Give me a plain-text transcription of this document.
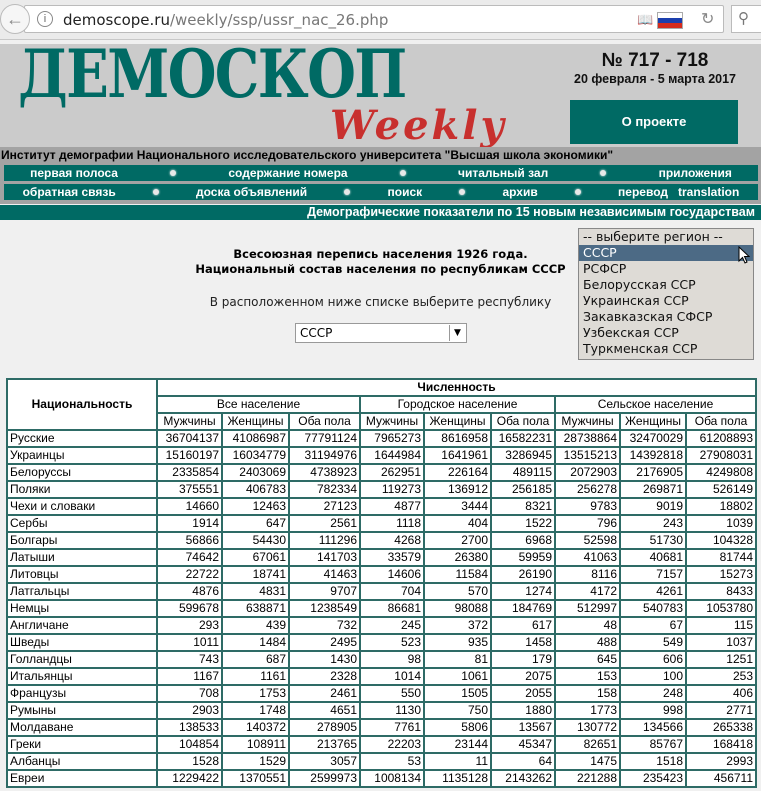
←	i	demoscope.ru/weekly/ssp/ussr_nac_26.php	📖	↻	⚲
ДЕМОСКОП
Weekly
№ 717 - 718
20 февраля - 5 марта 2017
О проекте
Институт демографии Национального исследовательского университета "Высшая школа экономики"
первая полоса	содержание номера	читальный зал	приложения
обратная связь	доска объявлений	поиск	архив	перевод   translation
Демографические показатели по 15 новым независимым государствам
Всесоюзная перепись населения 1926 года.
Национальный состав населения по республикам СССР
В расположенном ниже списке выберите республику
СССР	▼
-- выберите регион --
СССР
РСФСР
Белорусская ССР
Украинская ССР
Закавказская СФСР
Узбекская ССР
Туркменская ССР
Национальность	Численность								
	Все население			Городское население			Сельское население		
	Мужчины	Женщины	Оба пола	Мужчины	Женщины	Оба пола	Мужчины	Женщины	Оба пола
Русские	36704137	41086987	77791124	7965273	8616958	16582231	28738864	32470029	61208893
Украинцы	15160197	16034779	31194976	1644984	1641961	3286945	13515213	14392818	27908031
Белоруссы	2335854	2403069	4738923	262951	226164	489115	2072903	2176905	4249808
Поляки	375551	406783	782334	119273	136912	256185	256278	269871	526149
Чехи и словаки	14660	12463	27123	4877	3444	8321	9783	9019	18802
Сербы	1914	647	2561	1118	404	1522	796	243	1039
Болгары	56866	54430	111296	4268	2700	6968	52598	51730	104328
Латыши	74642	67061	141703	33579	26380	59959	41063	40681	81744
Литовцы	22722	18741	41463	14606	11584	26190	8116	7157	15273
Латгальцы	4876	4831	9707	704	570	1274	4172	4261	8433
Немцы	599678	638871	1238549	86681	98088	184769	512997	540783	1053780
Англичане	293	439	732	245	372	617	48	67	115
Шведы	1011	1484	2495	523	935	1458	488	549	1037
Голландцы	743	687	1430	98	81	179	645	606	1251
Итальянцы	1167	1161	2328	1014	1061	2075	153	100	253
Французы	708	1753	2461	550	1505	2055	158	248	406
Румыны	2903	1748	4651	1130	750	1880	1773	998	2771
Молдаване	138533	140372	278905	7761	5806	13567	130772	134566	265338
Греки	104854	108911	213765	22203	23144	45347	82651	85767	168418
Албанцы	1528	1529	3057	53	11	64	1475	1518	2993
Евреи	1229422	1370551	2599973	1008134	1135128	2143262	221288	235423	456711
